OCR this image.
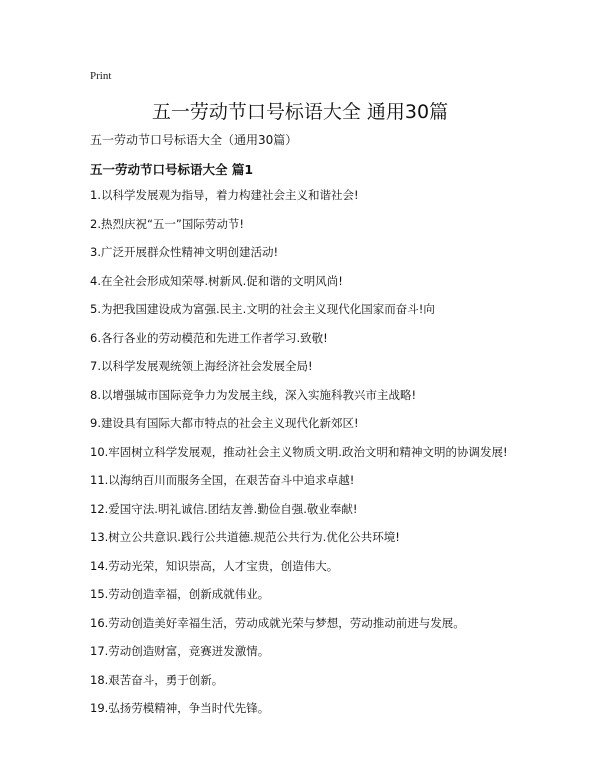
Print
五一劳动节口号标语大全 通用30篇
五一劳动节口号标语大全（通用30篇）
五一劳动节口号标语大全 篇1
1.以科学发展观为指导，着力构建社会主义和谐社会!
2.热烈庆祝“五一”国际劳动节!
3.广泛开展群众性精神文明创建活动!
4.在全社会形成知荣辱.树新风.促和谐的文明风尚!
5.为把我国建设成为富强.民主.文明的社会主义现代化国家而奋斗!向
6.各行各业的劳动模范和先进工作者学习.致敬!
7.以科学发展观统领上海经济社会发展全局!
8.以增强城市国际竞争力为发展主线，深入实施科教兴市主战略!
9.建设具有国际大都市特点的社会主义现代化新郊区!
10.牢固树立科学发展观，推动社会主义物质文明.政治文明和精神文明的协调发展!
11.以海纳百川而服务全国，在艰苦奋斗中追求卓越!
12.爱国守法.明礼诚信.团结友善.勤俭自强.敬业奉献!
13.树立公共意识.践行公共道德.规范公共行为.优化公共环境!
14.劳动光荣，知识崇高，人才宝贵，创造伟大。
15.劳动创造幸福，创新成就伟业。
16.劳动创造美好幸福生活，劳动成就光荣与梦想，劳动推动前进与发展。
17.劳动创造财富，竞赛迸发激情。
18.艰苦奋斗，勇于创新。
19.弘扬劳模精神，争当时代先锋。
